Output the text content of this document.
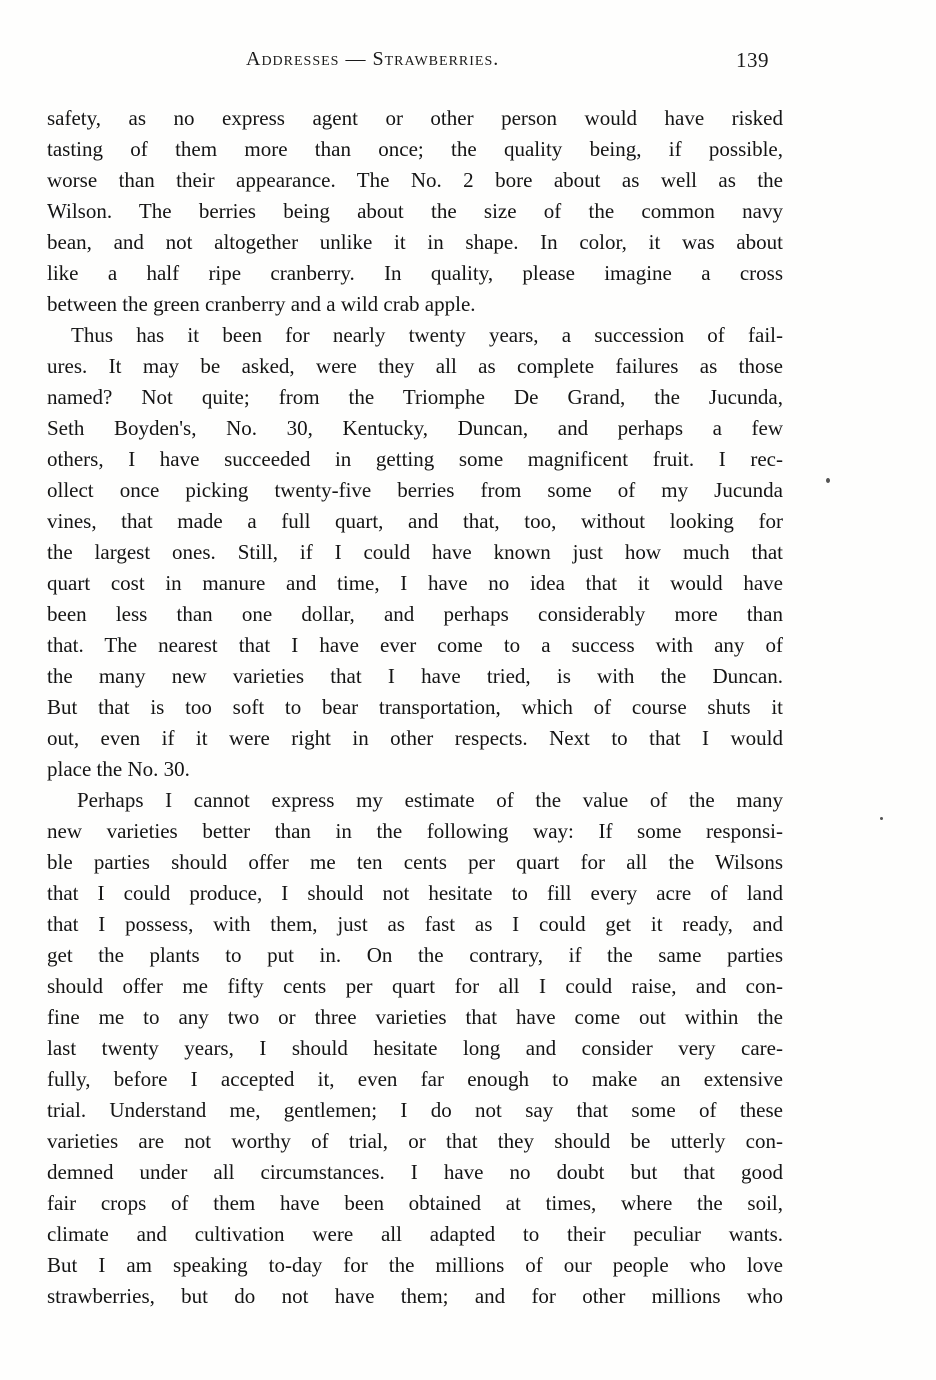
Addresses — Strawberries.	139
safety, as no express agent or other person would have risked
tasting of them more than once; the quality being, if possible,
worse than their appearance. The No. 2 bore about as well as the
Wilson. The berries being about the size of the common navy
bean, and not altogether unlike it in shape. In color, it was about
like a half ripe cranberry. In quality, please imagine a cross
between the green cranberry and a wild crab apple.
Thus has it been for nearly twenty years, a succession of fail-
ures. It may be asked, were they all as complete failures as those
named? Not quite; from the Triomphe De Grand, the Jucunda,
Seth Boyden's, No. 30, Kentucky, Duncan, and perhaps a few
others, I have succeeded in getting some magnificent fruit. I rec-
ollect once picking twenty-five berries from some of my Jucunda
vines, that made a full quart, and that, too, without looking for
the largest ones. Still, if I could have known just how much that
quart cost in manure and time, I have no idea that it would have
been less than one dollar, and perhaps considerably more than
that. The nearest that I have ever come to a success with any of
the many new varieties that I have tried, is with the Duncan.
But that is too soft to bear transportation, which of course shuts it
out, even if it were right in other respects. Next to that I would
place the No. 30.
Perhaps I cannot express my estimate of the value of the many
new varieties better than in the following way: If some responsi-
ble parties should offer me ten cents per quart for all the Wilsons
that I could produce, I should not hesitate to fill every acre of land
that I possess, with them, just as fast as I could get it ready, and
get the plants to put in. On the contrary, if the same parties
should offer me fifty cents per quart for all I could raise, and con-
fine me to any two or three varieties that have come out within the
last twenty years, I should hesitate long and consider very care-
fully, before I accepted it, even far enough to make an extensive
trial. Understand me, gentlemen; I do not say that some of these
varieties are not worthy of trial, or that they should be utterly con-
demned under all circumstances. I have no doubt but that good
fair crops of them have been obtained at times, where the soil,
climate and cultivation were all adapted to their peculiar wants.
But I am speaking to-day for the millions of our people who love
strawberries, but do not have them; and for other millions who
